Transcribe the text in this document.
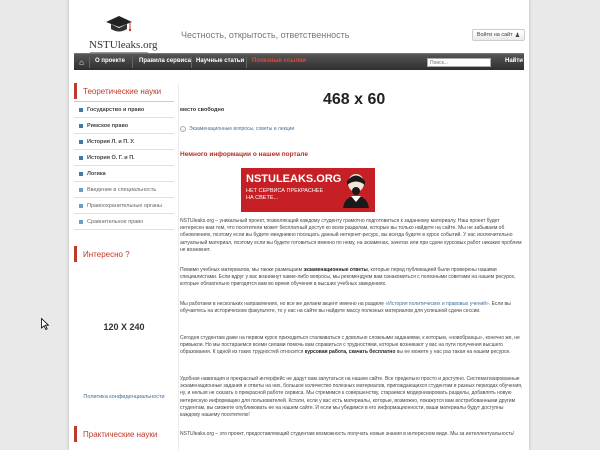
NSTUleaks.org
Честность, открытость, ответственность	Войти на сайт ♟
⌂	О проекте Правила сервиса Научные статьи Полезные ссылки
Поиск...	Найти
Теоретические науки
Государство и право
Римское право
История Л. и П. У.
История О. Г. и П.
Логика
Введение в специальность
Правоохранительные органы
Сравнительное право
Интересно ?
120 X 240
Политика конфиденциальности
Практические науки
место свободно
468 x 60
›	Экзаменационные вопросы, советы и лекции
Немного информации о нашем портале
NSTULEAKS.ORG
НЕТ СЕРВИСА ПРЕКРАСНЕЕ НА СВЕТЕ...
NSTUleaks.org – уникальный проект, позволяющий каждому студенту грамотно подготовиться к заданному материалу. Наш проект будет интересен вам тем, что посетители может бесплатный доступ ко всем разделам, которые вы только найдете на сайте. Мы не забываем об обновлениях, поэтому если вы будете ежедневно посещать данный интернет-ресурс, вы всегда будете в курсе событий. У нас исключительно актуальный материал, поэтому если вы будете готовиться именно по нему, на экзаменах, зачетах или при сдаче курсовых работ никаких проблем не возникнет.
Помимо учебных материалов, мы также размещаем экзаменационные ответы, которые перед публикацией были проверены нашими специалистами. Если вдруг у вас возникнут какие-либо вопросы, мы рекомендуем вам ознакомиться с полезными советами на нашем ресурсе, которые обязательно пригодятся вам во время обучения в высших учебных заведениях.
Мы работаем в нескольких направлениях, но все же делаем акцент именно на разделе «История политических и правовых учений». Если вы обучаетесь на историческом факультете, то у нас на сайте вы найдете массу полезных материалов для успешной сдачи сессии.
Сегодня студентам даже на первом курсе приходиться сталкиваться с довольно сложными заданиями, к которым, «новобранцы», конечно же, не привыкли. Но мы постараемся всеми силами помочь вам справиться с трудностями, которые возникают у вас на пути получения высшего образования. К одной из таких трудностей относится курсовая работа, скачать бесплатно вы ее можете у нас раз такая на нашем ресурсе.
Удобная навигация и прекрасный интерфейс не дадут вам запутаться на нашем сайте. Все предельно просто и доступно. Систематизированные экзаменационные задания и ответы на них, большое количество полезных материалов, пригождающихся студентам в разных периодах обучения, ну, и нельзя не сказать о прекрасной работе сервиса. Мы стремимся к совершенству, стараемся модернизировать разделы, добавлять новую интересную информацию для пользователей. Кстати, если у вас есть материалы, которые, возможно, покажутся вам востребованными другим студентам, вы сможете опубликовать ее на нашем сайте. И если мы убедимся в его информационности, ваши материалы будут доступны каждому нашему посетителю!
NSTUleaks.org – это проект, предоставляющий студентам возможность получать новые знания в интересном виде. Мы за интеллектуальность!
